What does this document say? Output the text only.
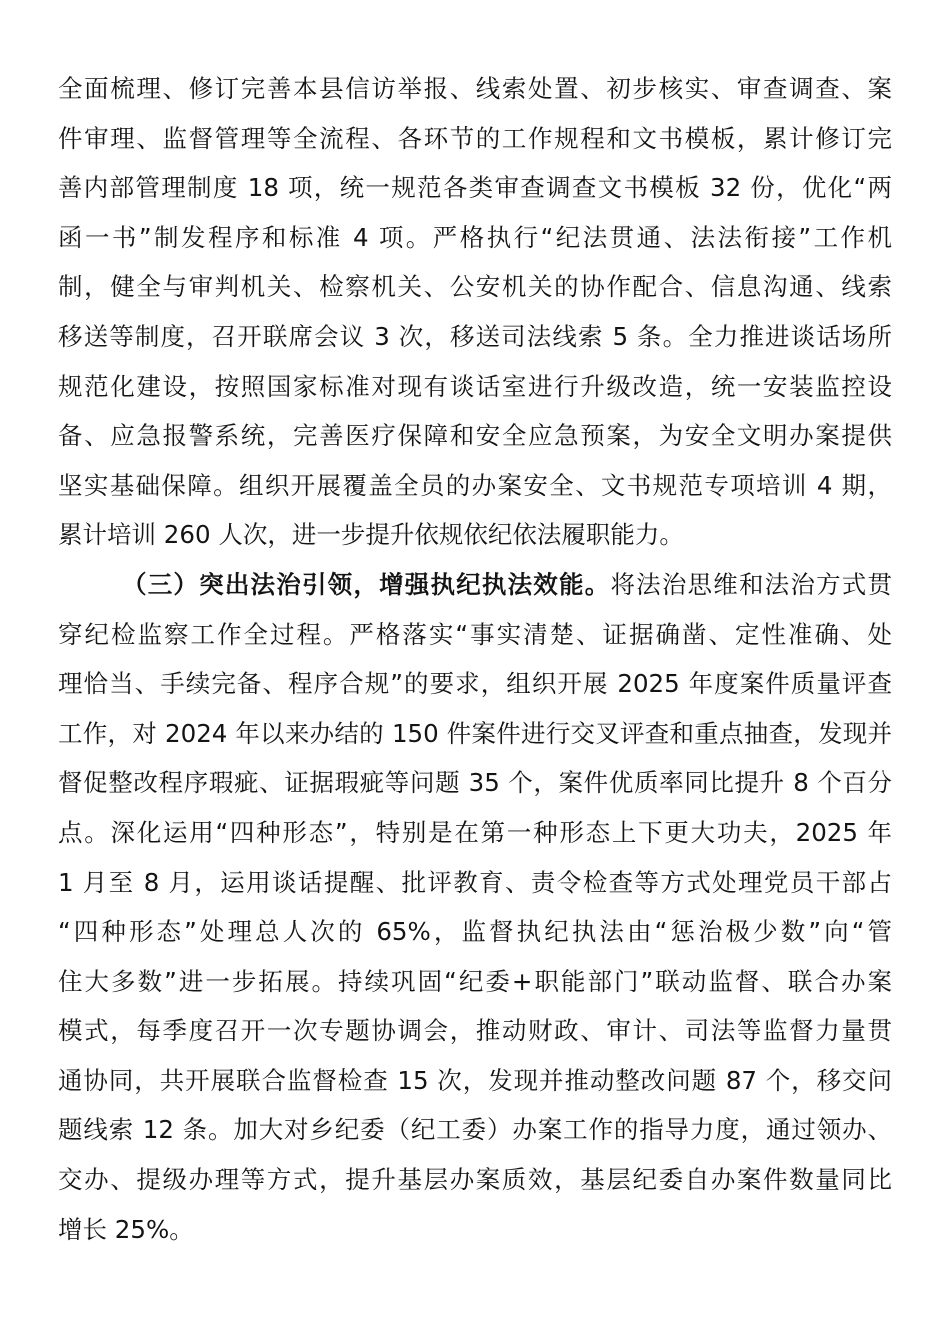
全面梳理、修订完善本县信访举报、线索处置、初步核实、审查调查、案
件审理、监督管理等全流程、各环节的工作规程和文书模板，累计修订完
善内部管理制度 18 项，统一规范各类审查调查文书模板 32 份，优化“两
函一书”制发程序和标准 4 项。严格执行“纪法贯通、法法衔接”工作机
制，健全与审判机关、检察机关、公安机关的协作配合、信息沟通、线索
移送等制度，召开联席会议 3 次，移送司法线索 5 条。全力推进谈话场所
规范化建设，按照国家标准对现有谈话室进行升级改造，统一安装监控设
备、应急报警系统，完善医疗保障和安全应急预案，为安全文明办案提供
坚实基础保障。组织开展覆盖全员的办案安全、文书规范专项培训 4 期，
累计培训 260 人次，进一步提升依规依纪依法履职能力。
（三）突出法治引领，增强执纪执法效能。将法治思维和法治方式贯
穿纪检监察工作全过程。严格落实“事实清楚、证据确凿、定性准确、处
理恰当、手续完备、程序合规”的要求，组织开展 2025 年度案件质量评查
工作，对 2024 年以来办结的 150 件案件进行交叉评查和重点抽查，发现并
督促整改程序瑕疵、证据瑕疵等问题 35 个，案件优质率同比提升 8 个百分
点。深化运用“四种形态”，特别是在第一种形态上下更大功夫，2025 年
1 月至 8 月，运用谈话提醒、批评教育、责令检查等方式处理党员干部占
“四种形态”处理总人次的 65%，监督执纪执法由“惩治极少数”向“管
住大多数”进一步拓展。持续巩固“纪委+职能部门”联动监督、联合办案
模式，每季度召开一次专题协调会，推动财政、审计、司法等监督力量贯
通协同，共开展联合监督检查 15 次，发现并推动整改问题 87 个，移交问
题线索 12 条。加大对乡纪委（纪工委）办案工作的指导力度，通过领办、
交办、提级办理等方式，提升基层办案质效，基层纪委自办案件数量同比
增长 25%。
